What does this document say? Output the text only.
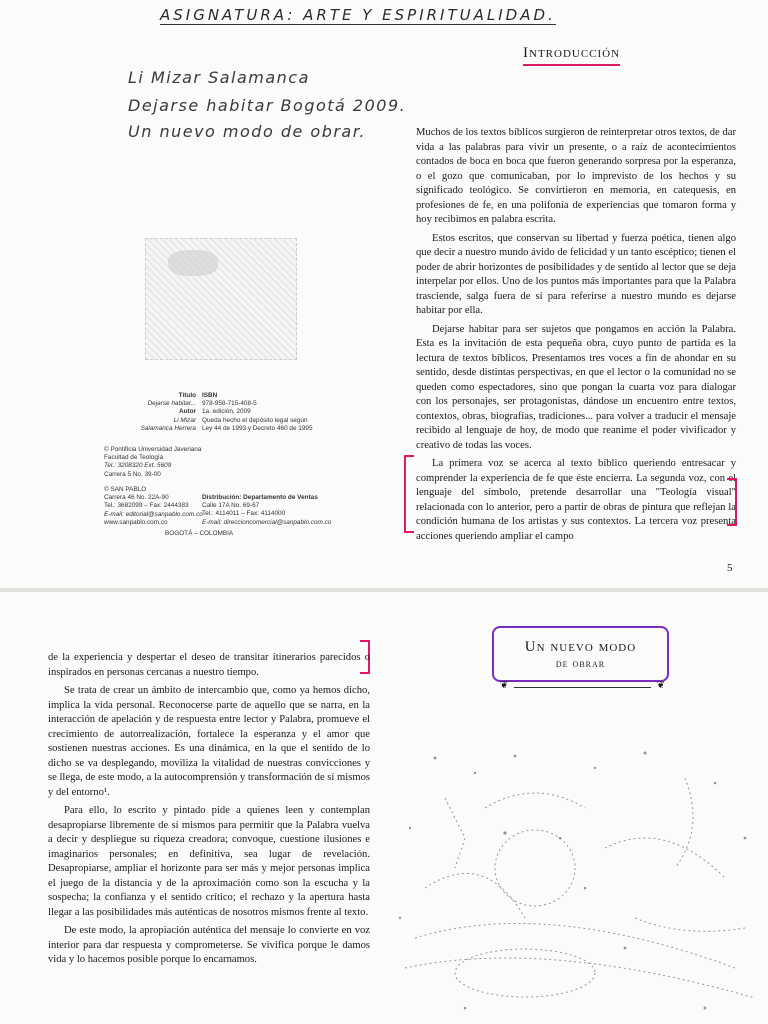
ASIGNATURA: ARTE Y ESPIRITUALIDAD.
Li Mizar Salamanca
Dejarse habitar Bogotá 2009.
Un nuevo modo de obrar.
Introducción
Título
Dejarse habitar...
Autor
Li Mizar Salamanca Herrera
ISBN
978-958-715-408-5
1a. edición, 2009
Queda hecho el depósito legal según
Ley 44 de 1993 y Decreto 460 de 1995
© Pontificia Universidad Javeriana
Facultad de Teología
Tel.: 3208320 Ext. 5609
Carrera 5 No. 39-00
© SAN PABLO
Carrera 46 No. 22A-90
Tel.: 3682099 – Fax: 2444383
E-mail: editorial@sanpablo.com.co
www.sanpablo.com.co
Distribución: Departamento de Ventas
Calle 17A No. 69-67
Tel.: 4114011 – Fax: 4114000
E-mail: direccioncomercial@sanpablo.com.co
BOGOTÁ – COLOMBIA

Muchos de los textos bíblicos surgieron de reinterpretar otros textos, de dar vida a las palabras para vivir un presente, o a raíz de acontecimientos contados de boca en boca que fueron generando sorpresa por la esperanza, o el gozo que comunicaban, por lo imprevisto de los hechos y su significado teológico. Se convirtieron en memoria, en catequesis, en profesiones de fe, en una polifonía de experiencias que tomaron forma y hoy recibimos en palabra escrita.

Estos escritos, que conservan su libertad y fuerza poética, tienen algo que decir a nuestro mundo ávido de felicidad y un tanto escéptico; tienen el poder de abrir horizontes de posibilidades y de sentido al lector que se deja interpelar por ellos. Uno de los puntos más importantes para que la Palabra trasciende, salga fuera de sí para referirse a nuestro mundo es dejarse habitar por ella.

Dejarse habitar para ser sujetos que pongamos en acción la Palabra. Esta es la invitación de esta pequeña obra, cuyo punto de partida es la lectura de textos bíblicos. Presentamos tres voces a fin de ahondar en su sentido, desde distintas perspectivas, en que el lector o la comunidad no se queden como espectadores, sino que pongan la cuarta voz para dialogar con los personajes, ser protagonistas, dándose un encuentro entre textos, contextos, obras, biografías, tradiciones... para volver a traducir el mensaje recibido al lenguaje de hoy, de modo que reanime el poder vivificador y creativo de todas las voces.

La primera voz se acerca al texto bíblico queriendo entresacar y comprender la experiencia de fe que éste encierra. La segunda voz, con el lenguaje del símbolo, pretende desarrollar una "Teología visual" relacionada con lo anterior, pero a partir de obras de pintura que reflejan la condición humana de los artistas y sus contextos. La tercera voz presenta acciones queriendo ampliar el campo

5

de la experiencia y despertar el deseo de transitar itinerarios parecidos o inspirados en personas cercanas a nuestro tiempo.

Se trata de crear un ámbito de intercambio que, como ya hemos dicho, implica la vida personal. Reconocerse parte de aquello que se narra, en la interacción de apelación y de respuesta entre lector y Palabra, promueve el crecimiento de autorrealización, fortalece la esperanza y el amor que sostienen nuestras acciones. Es una dinámica, en la que el sentido de lo dicho se va desplegando, moviliza la vitalidad de nuestras convicciones y se llega, de este modo, a la autocomprensión y transformación de sí mismos y del entorno¹.

Para ello, lo escrito y pintado pide a quienes leen y contemplan desapropiarse libremente de sí mismos para permitir que la Palabra vuelva a decir y despliegue su riqueza creadora; convoque, cuestione ilusiones e imaginarios personales; en definitiva, sea lugar de revelación. Desapropiarse, ampliar el horizonte para ser más y mejor personas implica el juego de la distancia y de la aproximación como son la escucha y la sospecha; la confianza y el sentido crítico; el rechazo y la apertura hasta llegar a las posibilidades más auténticas de nosotros mismos frente al texto.

De este modo, la apropiación auténtica del mensaje lo convierte en voz interior para dar respuesta y comprometerse. Se vivifica porque le damos vida y lo hacemos posible porque lo encarnamos.

Un nuevo modo
de obrar
❦	❦
